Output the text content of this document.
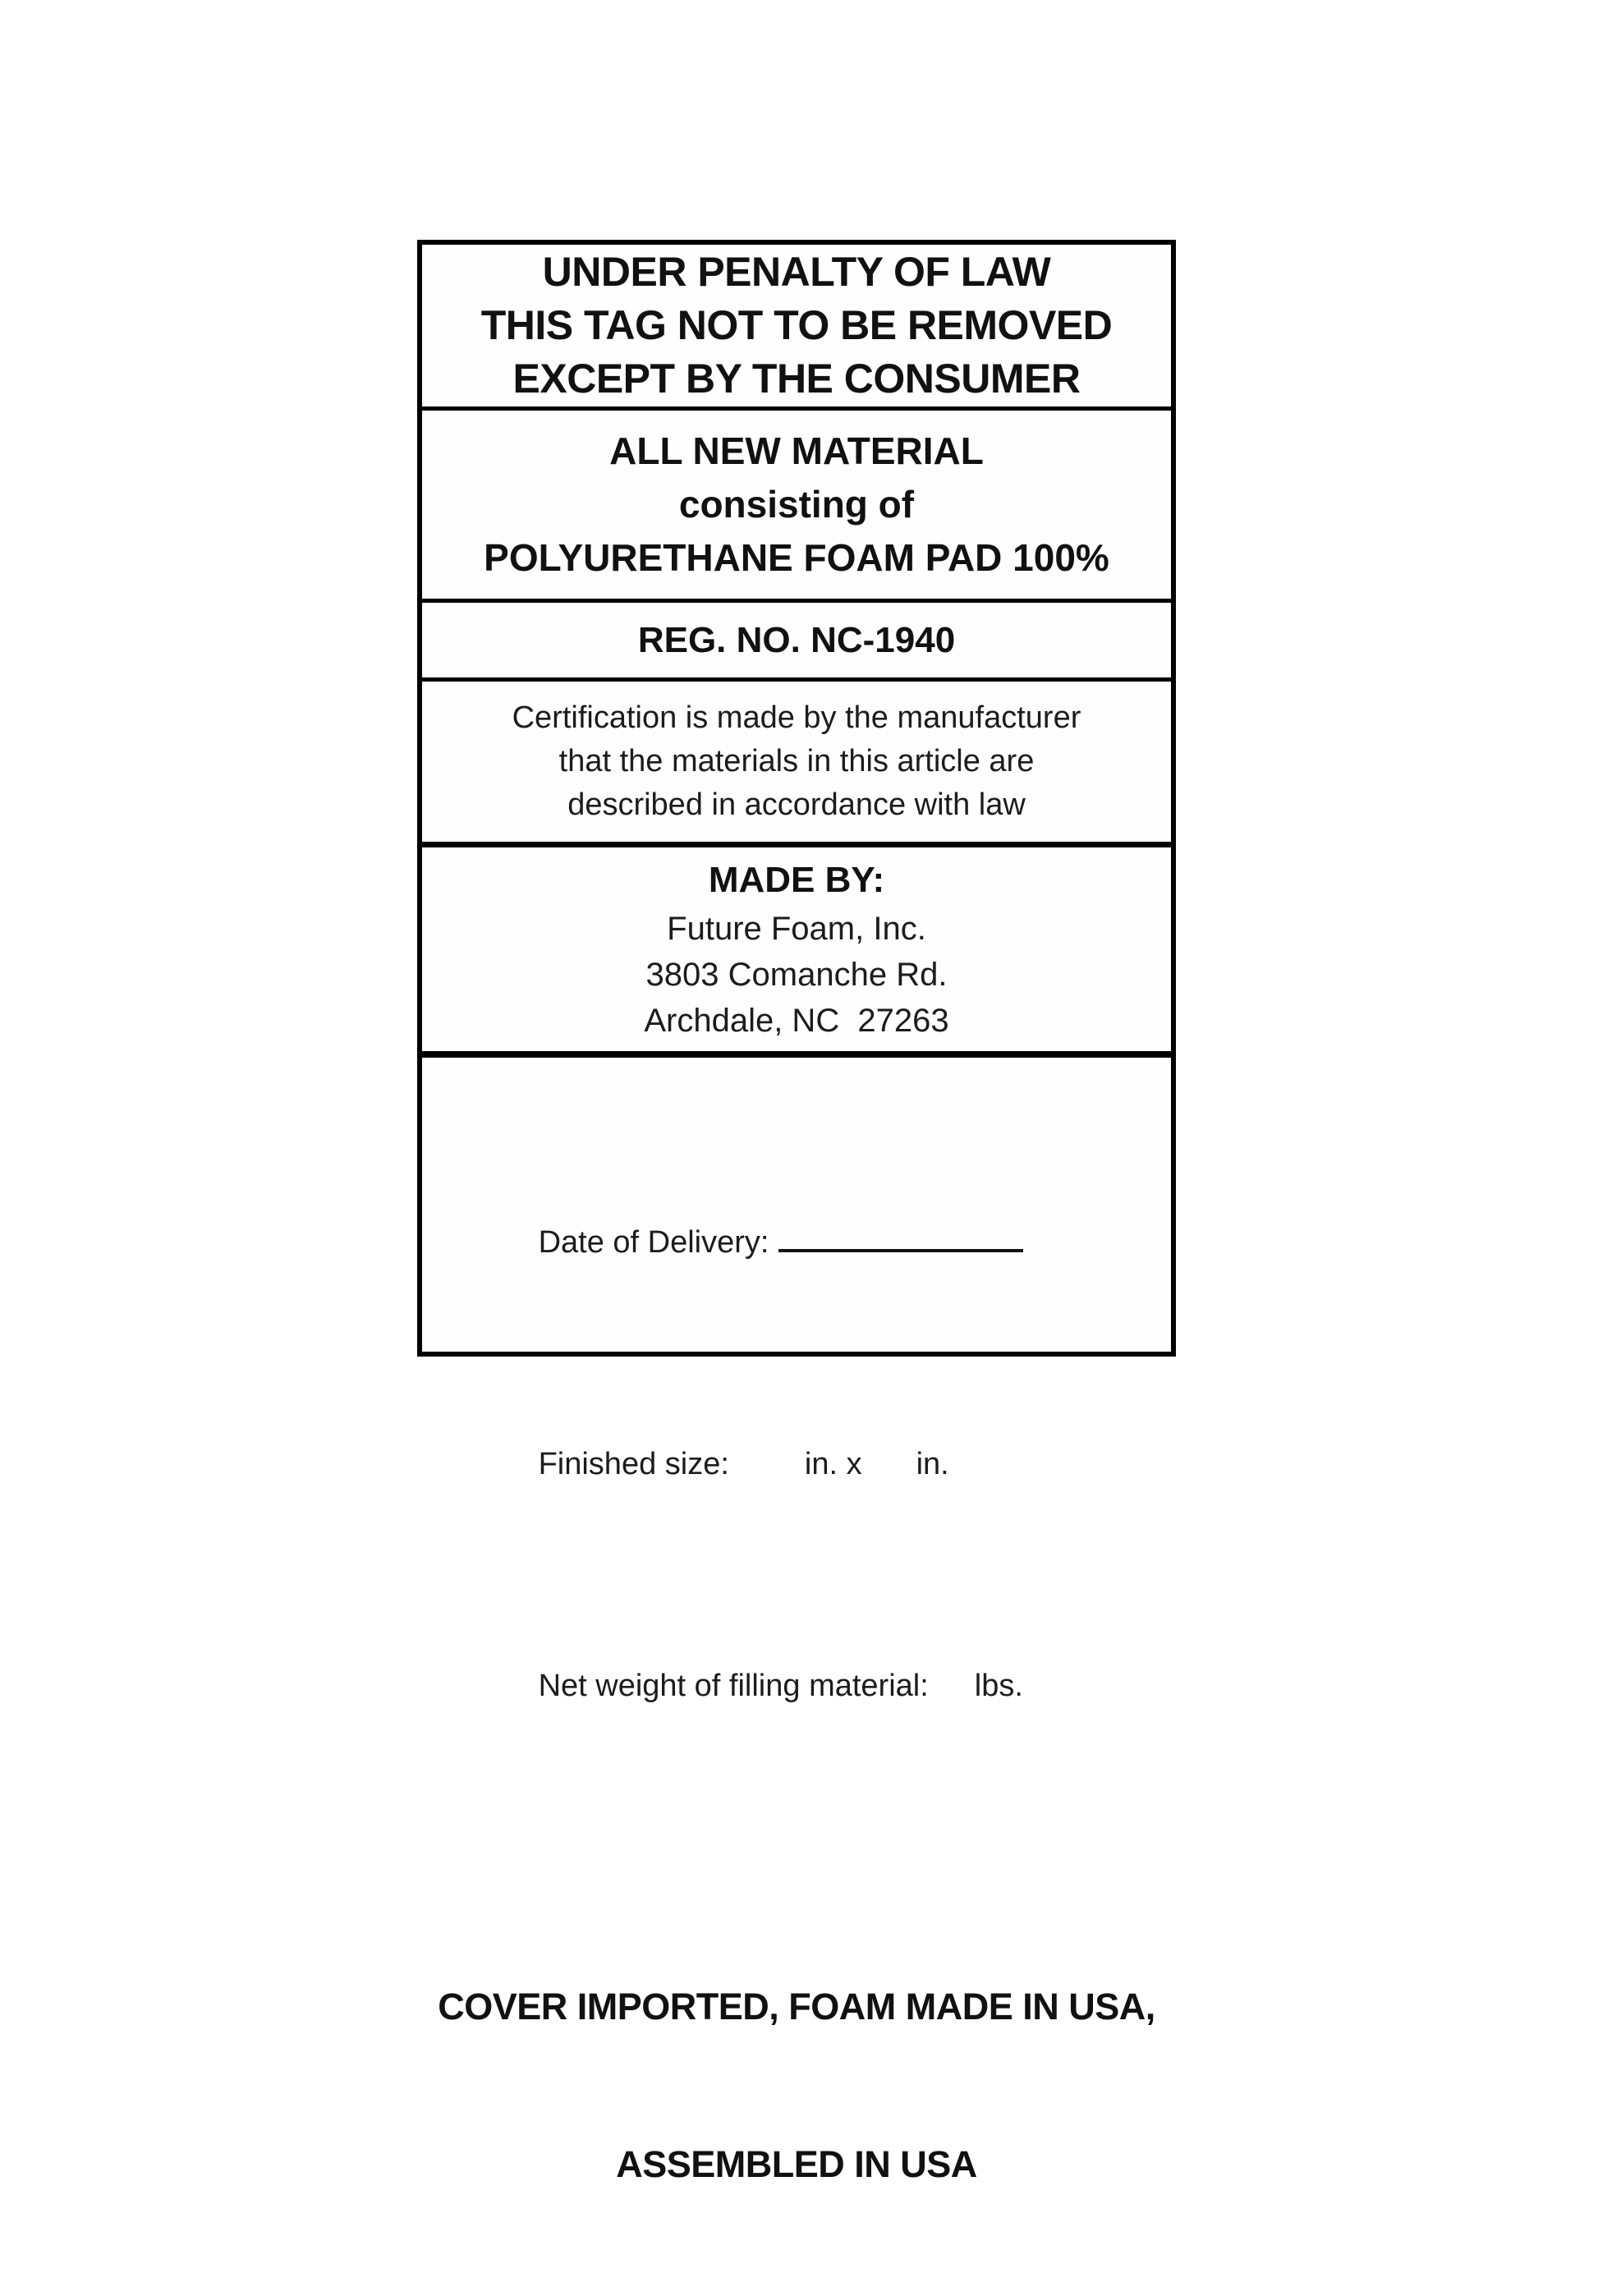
UNDER PENALTY OF LAW
THIS TAG NOT TO BE REMOVED
EXCEPT BY THE CONSUMER
ALL NEW MATERIAL
consisting of
POLYURETHANE FOAM PAD 100%
REG. NO. NC-1940
Certification is made by the manufacturer
that the materials in this article are
described in accordance with law
MADE BY:
Future Foam, Inc.
3803 Comanche Rd.
Archdale, NC  27263

Date of Delivery:

Finished size: in. x in.

Net weight of filling material: lbs.

COVER IMPORTED, FOAM MADE IN USA,

ASSEMBLED IN USA
